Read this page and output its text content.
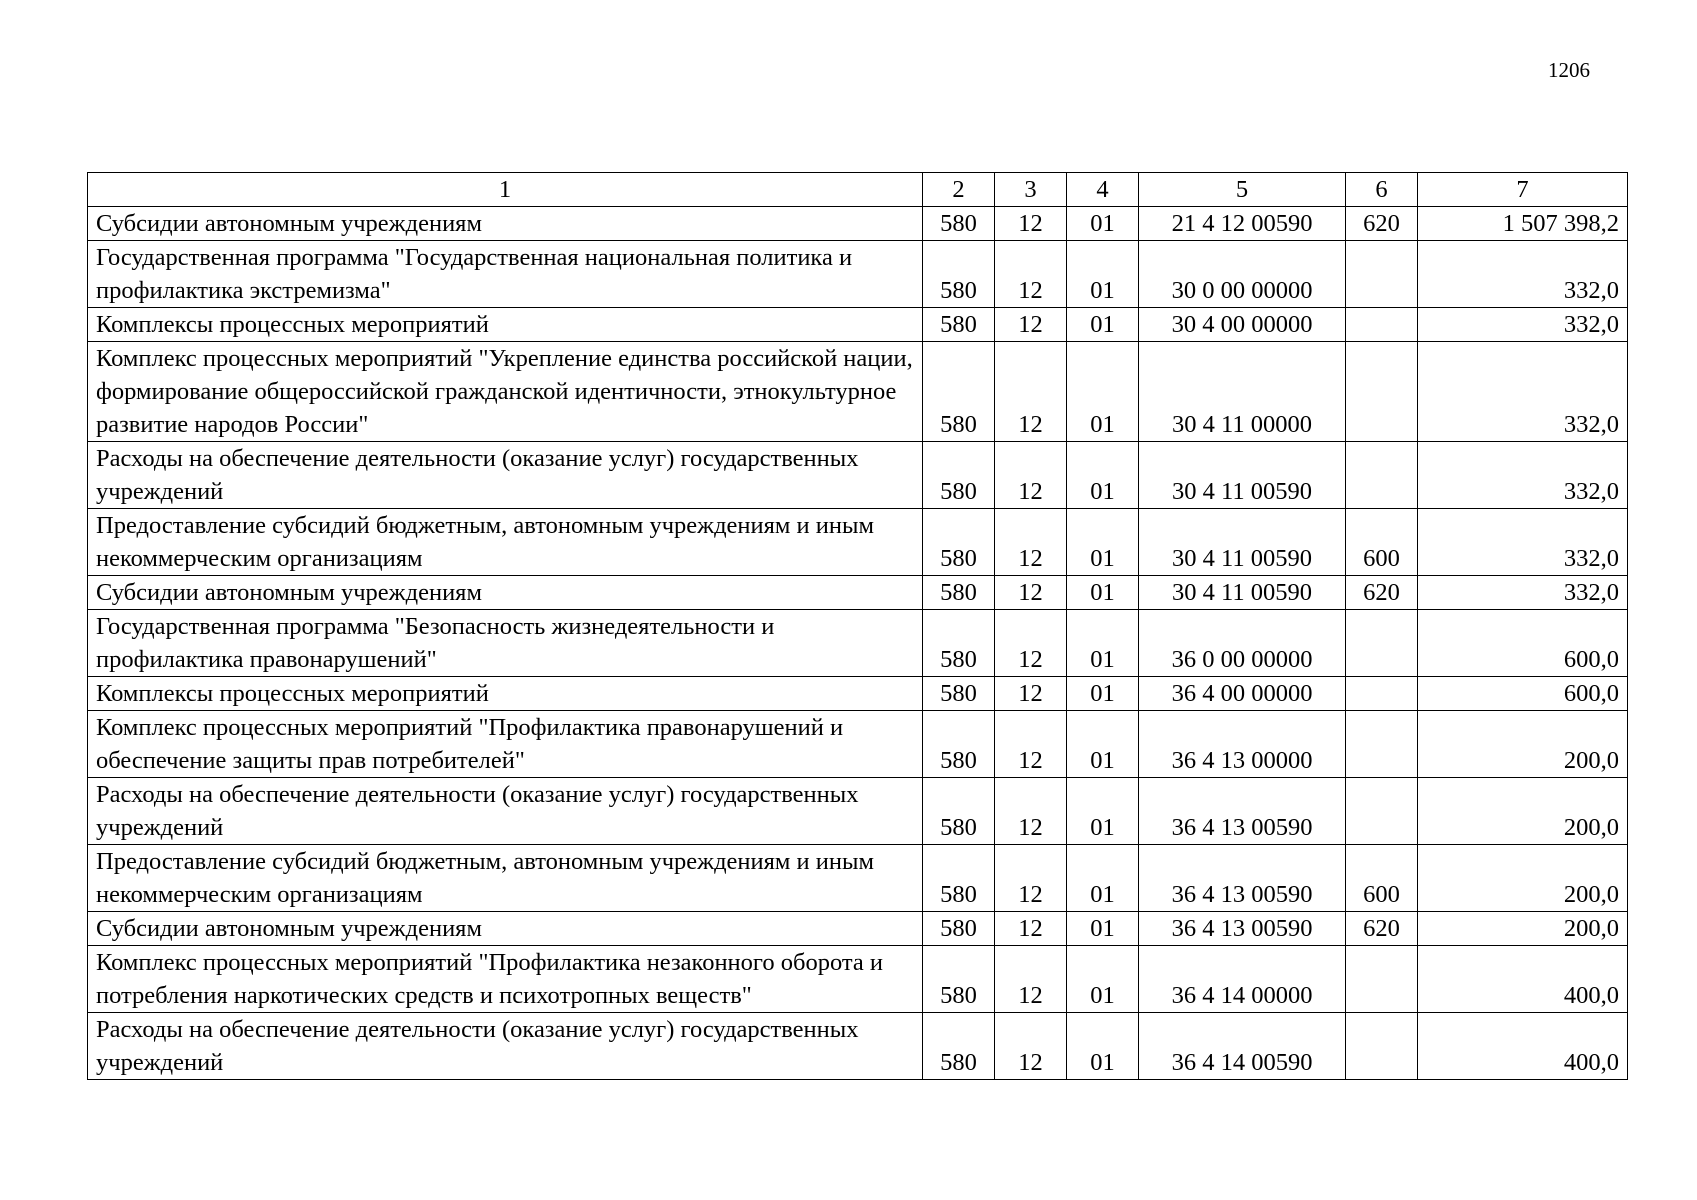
1206
1	2	3	4	5	6	7
Субсидии автономным учреждениям	580	12	01	21 4 12 00590	620	1 507 398,2
Государственная программа "Государственная национальная политика и профилактика экстремизма"	580	12	01	30 0 00 00000		332,0
Комплексы процессных мероприятий	580	12	01	30 4 00 00000		332,0
Комплекс процессных мероприятий "Укрепление единства российской нации, формирование общероссийской гражданской идентичности, этнокультурное развитие народов России"	580	12	01	30 4 11 00000		332,0
Расходы на обеспечение деятельности (оказание услуг) государственных учреждений	580	12	01	30 4 11 00590		332,0
Предоставление субсидий бюджетным, автономным учреждениям и иным некоммерческим организациям	580	12	01	30 4 11 00590	600	332,0
Субсидии автономным учреждениям	580	12	01	30 4 11 00590	620	332,0
Государственная программа "Безопасность жизнедеятельности и профилактика правонарушений"	580	12	01	36 0 00 00000		600,0
Комплексы процессных мероприятий	580	12	01	36 4 00 00000		600,0
Комплекс процессных мероприятий "Профилактика правонарушений и обеспечение защиты прав потребителей"	580	12	01	36 4 13 00000		200,0
Расходы на обеспечение деятельности (оказание услуг) государственных учреждений	580	12	01	36 4 13 00590		200,0
Предоставление субсидий бюджетным, автономным учреждениям и иным некоммерческим организациям	580	12	01	36 4 13 00590	600	200,0
Субсидии автономным учреждениям	580	12	01	36 4 13 00590	620	200,0
Комплекс процессных мероприятий "Профилактика незаконного оборота и потребления наркотических средств и психотропных веществ"	580	12	01	36 4 14 00000		400,0
Расходы на обеспечение деятельности (оказание услуг) государственных учреждений	580	12	01	36 4 14 00590		400,0
